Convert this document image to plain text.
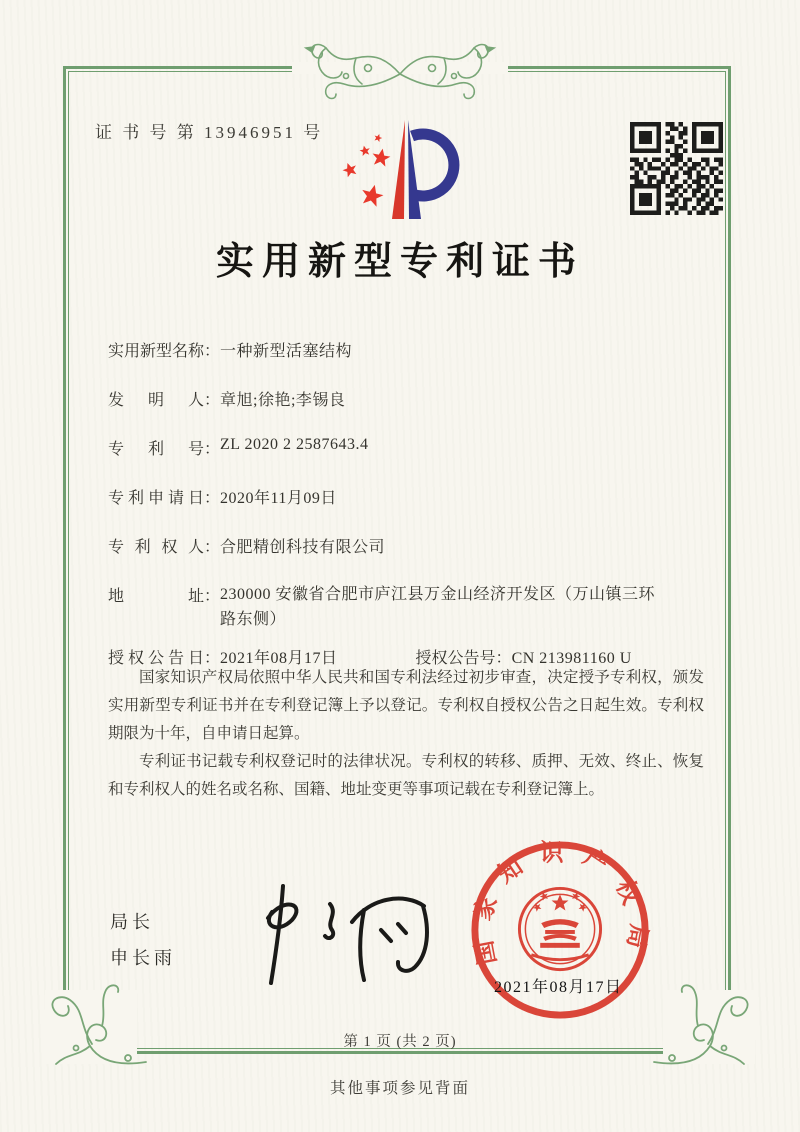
证 书 号 第 13946951 号
实用新型专利证书
实用新型名称：一种新型活塞结构
发明人：章旭;徐艳;李锡良
专利号：ZL 2020 2 2587643.4
专利申请日：2020年11月09日
专利权人：合肥精创科技有限公司
地址：230000 安徽省合肥市庐江县万金山经济开发区（万山镇三环路东侧）
授权公告日：2021年08月17日	授权公告号：CN 213981160 U

国家知识产权局依照中华人民共和国专利法经过初步审查，决定授予专利权，颁发实用新型专利证书并在专利登记簿上予以登记。专利权自授权公告之日起生效。专利权期限为十年，自申请日起算。

专利证书记载专利权登记时的法律状况。专利权的转移、质押、无效、终止、恢复和专利权人的姓名或名称、国籍、地址变更等事项记载在专利登记簿上。

局长
申长雨	国家知识产权局
2021年08月17日
第 1 页 (共 2 页)
其他事项参见背面
